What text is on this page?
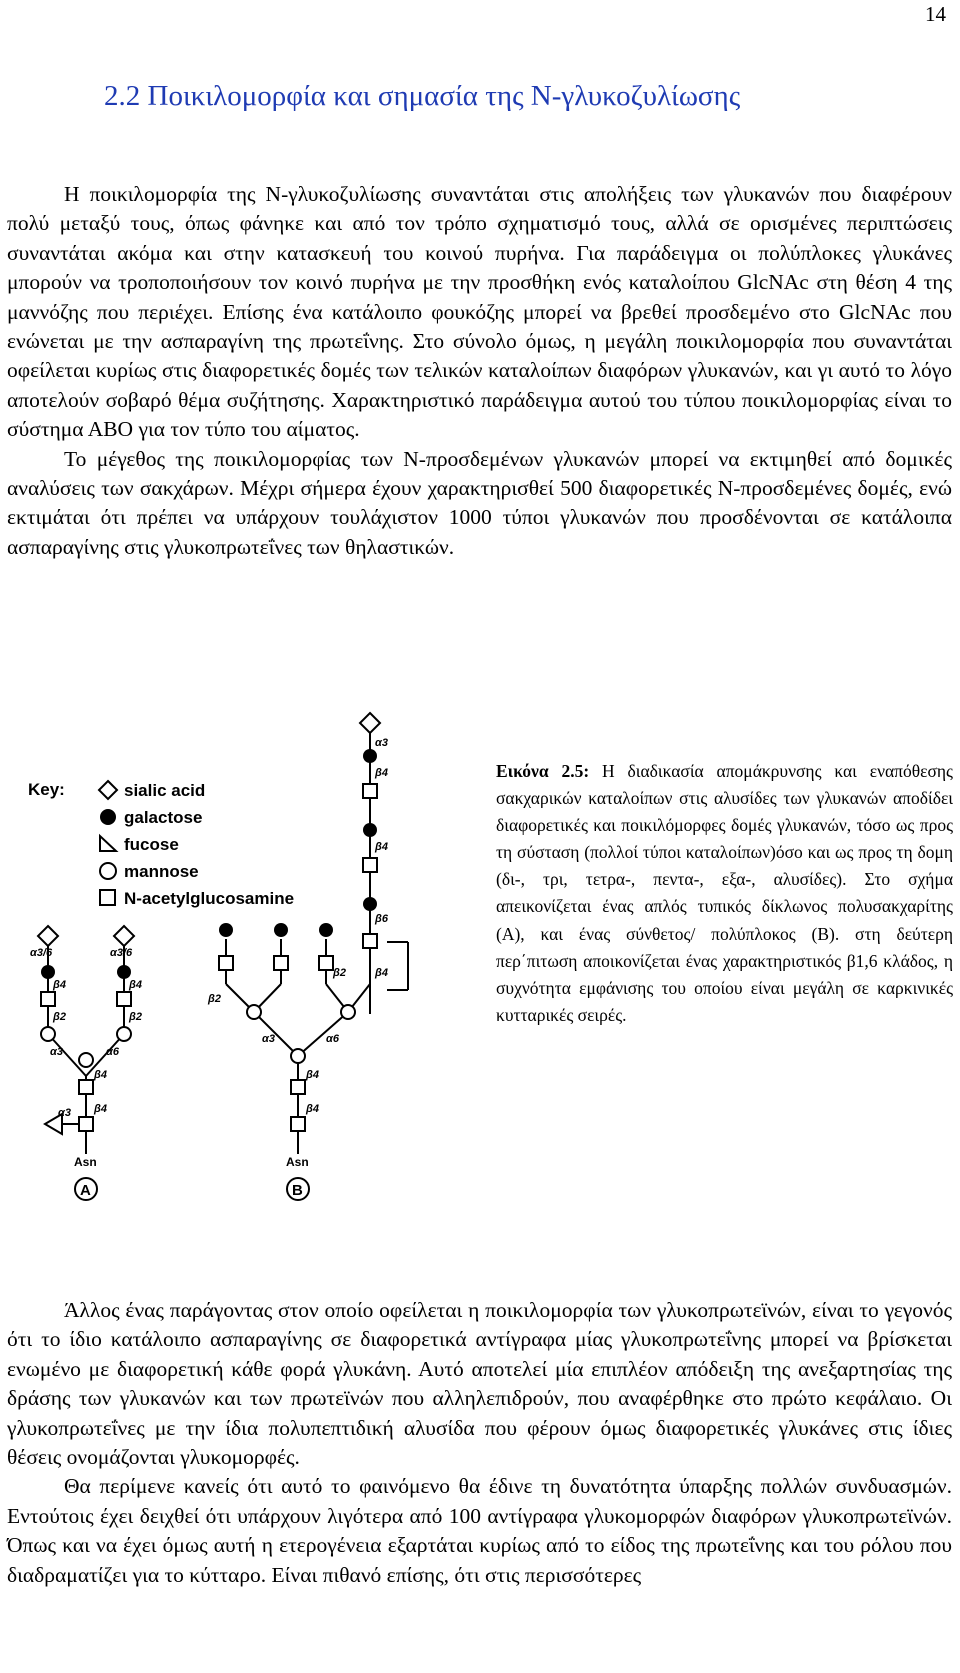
14
2.2 Ποικιλομορφία και σημασία της Ν-γλυκοζυλίωσης

Η ποικιλομορφία της Ν-γλυκοζυλίωσης συναντάται στις απολήξεις των γλυκανών που διαφέρουν πολύ μεταξύ τους, όπως φάνηκε και από τον τρόπο σχηματισμό τους, αλλά σε ορισμένες περιπτώσεις συναντάται ακόμα και στην κατασκευή του κοινού πυρήνα. Για παράδειγμα οι πολύπλοκες γλυκάνες μπορούν να τροποποιήσουν τον κοινό πυρήνα με την προσθήκη ενός καταλοίπου GlcNAc στη θέση 4 της μαννόζης που περιέχει. Επίσης ένα κατάλοιπο φουκόζης μπορεί να βρεθεί προσδεμένο στο GlcNAc που ενώνεται με την ασπαραγίνη της πρωτεΐνης. Στο σύνολο όμως, η μεγάλη ποικιλομορφία που συναντάται οφείλεται κυρίως στις διαφορετικές δομές των τελικών καταλοίπων διαφόρων γλυκανών, και γι αυτό το λόγο αποτελούν σοβαρό θέμα συζήτησης. Χαρακτηριστικό παράδειγμα αυτού του τύπου ποικιλομορφίας είναι το σύστημα ΑΒΟ για τον τύπο του αίματος.

Το μέγεθος της ποικιλομορφίας των Ν-προσδεμένων γλυκανών μπορεί να εκτιμηθεί από δομικές αναλύσεις των σακχάρων. Μέχρι σήμερα έχουν χαρακτηρισθεί 500 διαφορετικές Ν-προσδεμένες δομές, ενώ εκτιμάται ότι πρέπει να υπάρχουν τουλάχιστον 1000 τύποι γλυκανών που προσδένονται σε κατάλοιπα ασπαραγίνης στις γλυκοπρωτεΐνες των θηλαστικών.

Key:	sialic acid
galactose
fucose
mannose
N-acetylglucosamine
α3/6	α3/6
β4	β4
β2	β2
α3	α6
β4
β4
α3
Asn
A
α3
β4
β4
β6
β2	β4
β2
α3	α6
β4
β4
Asn
B
Εικόνα 2.5: Η διαδικασία απομάκρυνσης και εναπόθεσης σακχαρικών καταλοίπων στις αλυσίδες των γλυκανών αποδίδει διαφορετικές και ποικιλόμορφες δομές γλυκανών, τόσο ως προς τη σύσταση (πολλοί τύποι καταλοίπων)όσο και ως προς τη δομη (δι-, τρι, τετρα-, πεντα-, εξα-, αλυσίδες). Στο σχήμα απεικονίζεται ένας απλός τυπικός δίκλωνος πολυσακχαρίτης (Α), και ένας σύνθετος/ πολύπλοκος (Β). στη δεύτερη περ΄πιτωση αποικονίζεται ένας χαρακτηριστικός β1,6 κλάδος, η συχνότητα εμφάνισης του οποίου είναι μεγάλη σε καρκινικές κυτταρικές σειρές.

Άλλος ένας παράγοντας στον οποίο οφείλεται η ποικιλομορφία των γλυκοπρωτεϊνών, είναι το γεγονός ότι το ίδιο κατάλοιπο ασπαραγίνης σε διαφορετικά αντίγραφα μίας γλυκοπρωτεΐνης μπορεί να βρίσκεται ενωμένο με διαφορετική κάθε φορά γλυκάνη. Αυτό αποτελεί μία επιπλέον απόδειξη της ανεξαρτησίας της δράσης των γλυκανών και των πρωτεϊνών που αλληλεπιδρούν, που αναφέρθηκε στο πρώτο κεφάλαιο. Οι γλυκοπρωτεΐνες με την ίδια πολυπεπτιδική αλυσίδα που φέρουν όμως διαφορετικές γλυκάνες στις ίδιες θέσεις ονομάζονται γλυκομορφές.

Θα περίμενε κανείς ότι αυτό το φαινόμενο θα έδινε τη δυνατότητα ύπαρξης πολλών συνδυασμών. Εντούτοις έχει δειχθεί ότι υπάρχουν λιγότερα από 100 αντίγραφα γλυκομορφών διαφόρων γλυκοπρωτεϊνών. Όπως και να έχει όμως αυτή η ετερογένεια εξαρτάται κυρίως από το είδος της πρωτεΐνης και του ρόλου που διαδραματίζει για το κύτταρο. Είναι πιθανό επίσης, ότι στις περισσότερες
